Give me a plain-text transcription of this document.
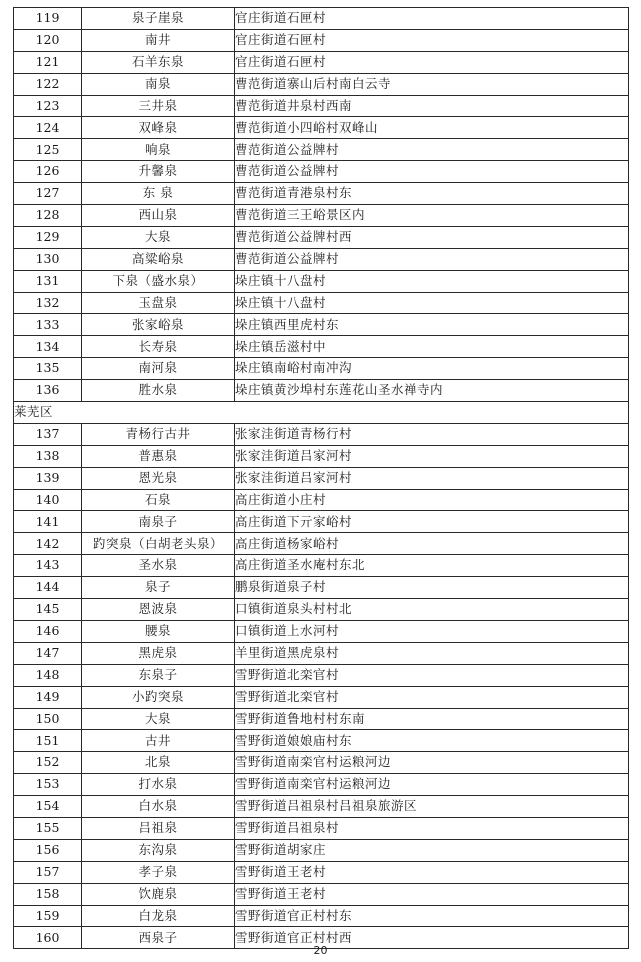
119	泉子崖泉	官庄街道石匣村
120	南井	官庄街道石匣村
121	石羊东泉	官庄街道石匣村
122	南泉	曹范街道寨山后村南白云寺
123	三井泉	曹范街道井泉村西南
124	双峰泉	曹范街道小四峪村双峰山
125	响泉	曹范街道公益牌村
126	升馨泉	曹范街道公益牌村
127	东 泉	曹范街道青港泉村东
128	西山泉	曹范街道三王峪景区内
129	大泉	曹范街道公益牌村西
130	高粱峪泉	曹范街道公益牌村
131	下泉（盛水泉）	垛庄镇十八盘村
132	玉盘泉	垛庄镇十八盘村
133	张家峪泉	垛庄镇西里虎村东
134	长寿泉	垛庄镇岳滋村中
135	南河泉	垛庄镇南峪村南冲沟
136	胜水泉	垛庄镇黄沙埠村东莲花山圣水禅寺内
莱芜区		
137	青杨行古井	张家洼街道青杨行村
138	普惠泉	张家洼街道吕家河村
139	恩光泉	张家洼街道吕家河村
140	石泉	高庄街道小庄村
141	南泉子	高庄街道下亓家峪村
142	趵突泉（白胡老头泉）	高庄街道杨家峪村
143	圣水泉	高庄街道圣水庵村东北
144	泉子	鹏泉街道泉子村
145	恩波泉	口镇街道泉头村村北
146	腰泉	口镇街道上水河村
147	黑虎泉	羊里街道黑虎泉村
148	东泉子	雪野街道北栾官村
149	小趵突泉	雪野街道北栾官村
150	大泉	雪野街道鲁地村村东南
151	古井	雪野街道娘娘庙村东
152	北泉	雪野街道南栾官村运粮河边
153	打水泉	雪野街道南栾官村运粮河边
154	白水泉	雪野街道吕祖泉村吕祖泉旅游区
155	吕祖泉	雪野街道吕祖泉村
156	东沟泉	雪野街道胡家庄
157	孝子泉	雪野街道王老村
158	饮鹿泉	雪野街道王老村
159	白龙泉	雪野街道官正村村东
160	西泉子	雪野街道官正村村西
20
